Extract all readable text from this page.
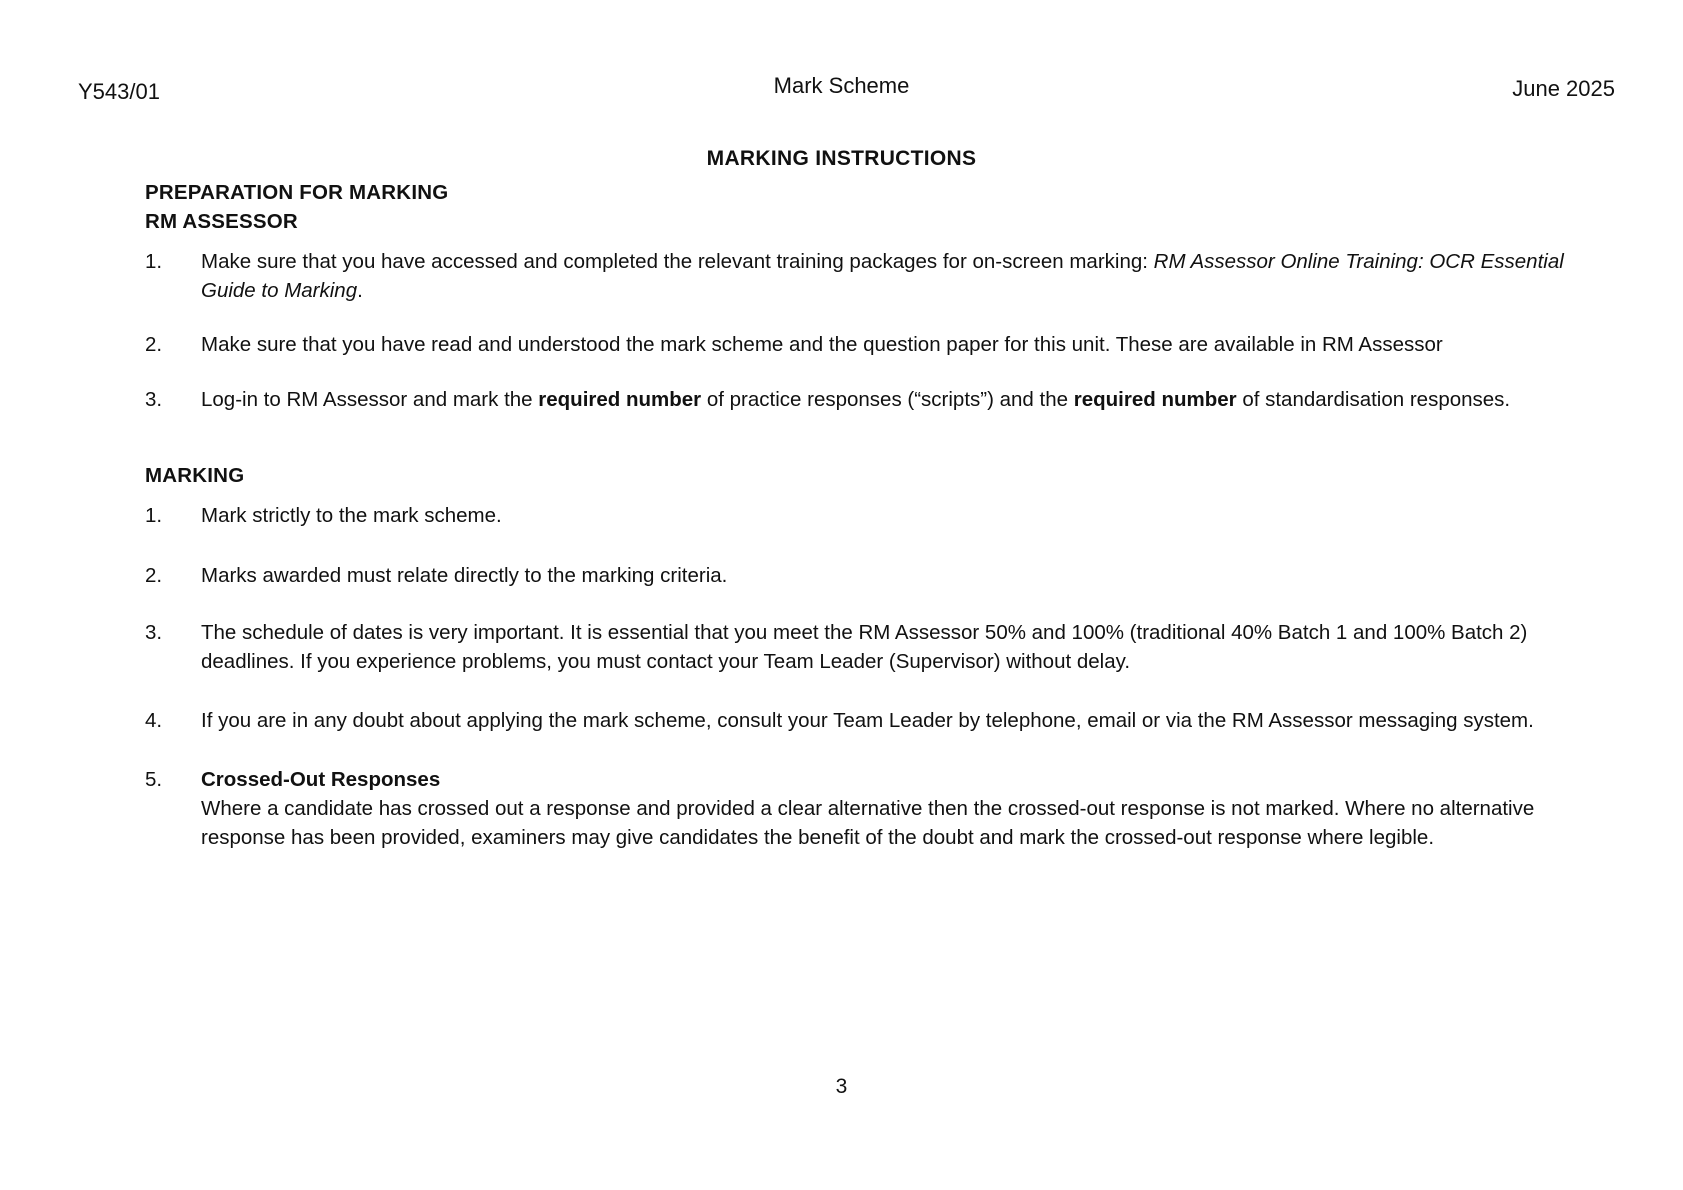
Y543/01	Mark Scheme	June 2025
MARKING INSTRUCTIONS
PREPARATION FOR MARKING
RM ASSESSOR
1.	Make sure that you have accessed and completed the relevant training packages for on-screen marking: RM Assessor Online Training: OCR Essential Guide to Marking.
2.	Make sure that you have read and understood the mark scheme and the question paper for this unit. These are available in RM Assessor
3.	Log-in to RM Assessor and mark the required number of practice responses (“scripts”) and the required number of standardisation responses.
MARKING
1.	Mark strictly to the mark scheme.
2.	Marks awarded must relate directly to the marking criteria.
3.	The schedule of dates is very important. It is essential that you meet the RM Assessor 50% and 100% (traditional 40% Batch 1 and 100% Batch 2) deadlines. If you experience problems, you must contact your Team Leader (Supervisor) without delay.
4.	If you are in any doubt about applying the mark scheme, consult your Team Leader by telephone, email or via the RM Assessor messaging system.
5.	Crossed-Out Responses
Where a candidate has crossed out a response and provided a clear alternative then the crossed-out response is not marked. Where no alternative response has been provided, examiners may give candidates the benefit of the doubt and mark the crossed-out response where legible.
3
